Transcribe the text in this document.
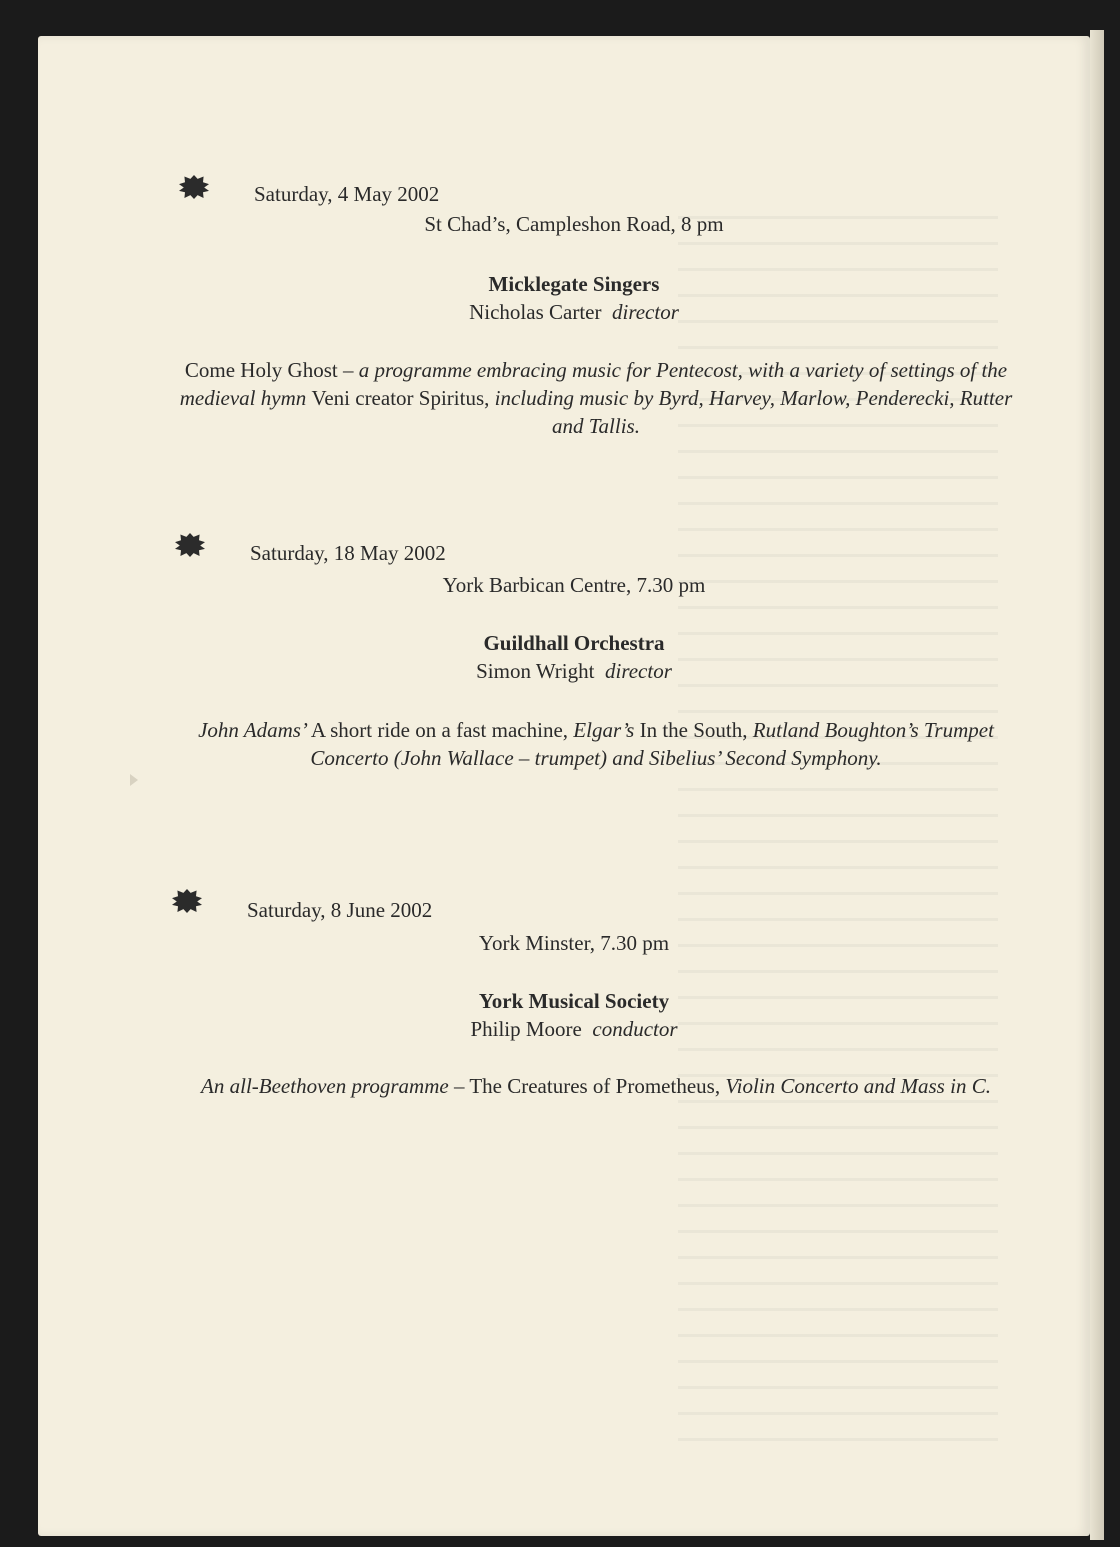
Saturday, 4 May 2002
St Chad’s, Campleshon Road, 8 pm
Micklegate Singers
Nicholas Carter director
Come Holy Ghost – a programme embracing music for Pentecost, with a variety of settings of the medieval hymn Veni creator Spiritus, including music by Byrd, Harvey, Marlow, Penderecki, Rutter and Tallis.
Saturday, 18 May 2002
York Barbican Centre, 7.30 pm
Guildhall Orchestra
Simon Wright director
John Adams’ A short ride on a fast machine, Elgar’s In the South, Rutland Boughton’s Trumpet Concerto (John Wallace – trumpet) and Sibelius’ Second Symphony.
Saturday, 8 June 2002
York Minster, 7.30 pm
York Musical Society
Philip Moore conductor
An all-Beethoven programme – The Creatures of Prometheus, Violin Concerto and Mass in C.
